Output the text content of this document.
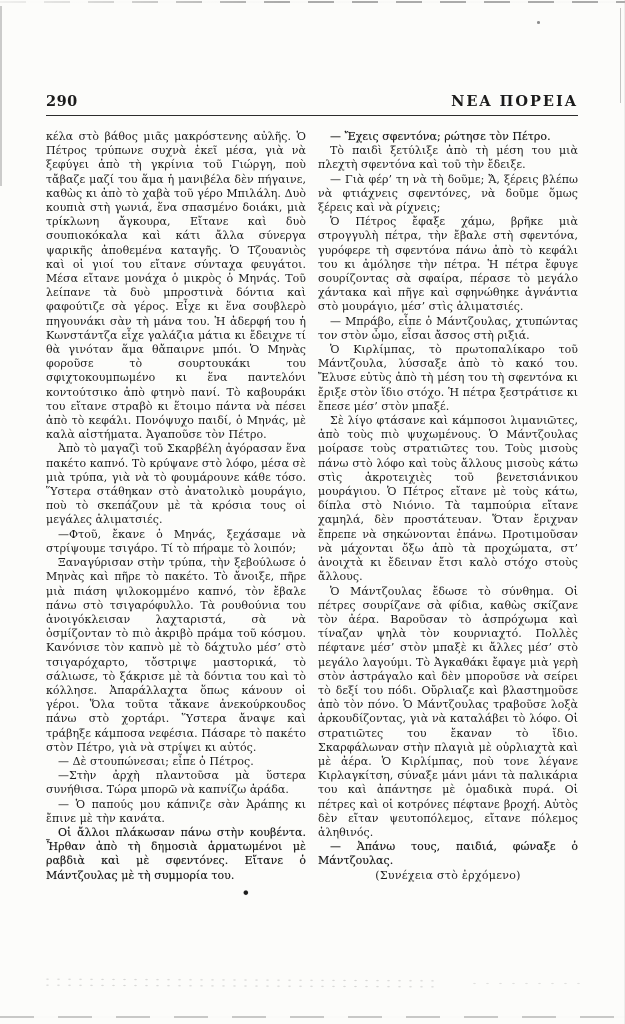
290	ΝΕΑ ΠΟΡΕΙΑ

κέλα στὸ βάθος μιᾶς μακρόστενης αὐλῆς. Ὁ Πέτρος τρύπωνε συχνὰ ἐκεῖ μέσα, γιὰ νὰ ξεφύγει ἀπὸ τὴ γκρίνια τοῦ Γιώργη, ποὺ τἄβαζε μαζί του ἅμα ἡ μανιβέλα δὲν πήγαινε, καθὼς κι ἀπὸ τὸ χαβὰ τοῦ γέρο Μπιλάλη. Δυὸ κουπιὰ στὴ γωνιά, ἕνα σπασμένο δοιάκι, μιὰ τρίκλωνη ἄγκουρα, Εἴτανε καὶ δυὸ σουπιοκόκαλα καὶ κάτι ἄλλα σύνεργα ψαρικῆς ἀποθεμένα καταγῆς. Ὁ Τζουανιὸς καὶ οἱ γιοί του εἴτανε σύνταχα φευγάτοι. Μέσα εἴτανε μονάχα ὁ μικρὸς ὁ Μηνάς. Τοῦ λείπανε τὰ δυὸ μπροστινὰ δόντια καὶ φαφούτιζε σὰ γέρος. Εἶχε κι ἕνα σουβλερὸ πηγουνάκι σὰν τὴ μάνα του. Ἡ ἀδερφή του ἡ Κωνστάντζα εἶχε γαλάζια μάτια κι ἔδειχνε τί θὰ γινόταν ἅμα θἄπαιρνε μπόι. Ὁ Μηνὰς φοροῦσε τὸ σουρτουκάκι του σφιχτοκουμπωμένο κι ἕνα παντελόνι κοντούτσικο ἀπὸ φτηνὸ πανί. Τὸ καβουράκι του εἴτανε στραβὸ κι ἕτοιμο πάντα νὰ πέσει ἀπὸ τὸ κεφάλι. Πονόψυχο παιδί, ὁ Μηνάς, μὲ καλὰ αἰστήματα. Ἀγαποῦσε τὸν Πέτρο.

Ἀπὸ τὸ μαγαζὶ τοῦ Σκαρβέλη ἀγόρασαν ἕνα πακέτο καπνό. Τὸ κρύψανε στὸ λόφο, μέσα σὲ μιὰ τρύπα, γιὰ νὰ τὸ φουμάρουνε κάθε τόσο. Ὕστερα στάθηκαν στὸ ἀνατολικὸ μουράγιο, ποὺ τὸ σκεπάζουν μὲ τὰ κρόσια τους οἱ μεγάλες ἁλιματσιές.

—Φτοῦ, ἔκανε ὁ Μηνάς, ξεχάσαμε νὰ στρίψουμε τσιγάρο. Τί τὸ πήραμε τὸ λοιπόν;

Ξαναγύρισαν στὴν τρύπα, τὴν ξεβούλωσε ὁ Μηνὰς καὶ πῆρε τὸ πακέτο. Τὸ ἄνοιξε, πῆρε μιὰ πιάση ψιλοκομμένο καπνό, τὸν ἔβαλε πάνω στὸ τσιγαρόφυλλο. Τὰ ρουθούνια του ἀνοιγόκλεισαν λαχταριστά, σὰ νὰ ὀσμίζονταν τὸ πιὸ ἀκριβὸ πράμα τοῦ κόσμου. Κανόνισε τὸν καπνὸ μὲ τὸ δάχτυλο μέσ’ στὸ τσιγαρόχαρτο, τὄστριψε μαστορικά, τὸ σάλιωσε, τὸ ξάκρισε μὲ τὰ δόντια του καὶ τὸ κόλλησε. Ἀπαράλλαχτα ὅπως κάνουν οἱ γέροι. Ὅλα τοῦτα τἄκανε ἀνεκούρκουδος πάνω στὸ χορτάρι. Ὕστερα ἄναψε καὶ τράβηξε κάμποσα νεφέσια. Πάσαρε τὸ πακέτο στὸν Πέτρο, γιὰ νὰ στρίψει κι αὐτός.

— Δὲ στουπώνεσαι; εἶπε ὁ Πέτρος.

—Στὴν ἀρχὴ πλαντοῦσα μὰ ὕστερα συνήθισα. Τώρα μπορῶ νὰ καπνίζω ἀράδα.

— Ὁ παπούς μου κάπνιζε σὰν Ἀράπης κι ἔπινε μὲ τὴν κανάτα.

Οἱ ἄλλοι πλάκωσαν πάνω στὴν κουβέντα. Ἦρθαν ἀπὸ τὴ δημοσιὰ ἁρματωμένοι μὲ ραβδιὰ καὶ μὲ σφεντόνες. Εἴτανε ὁ Μάντζουλας μὲ τὴ συμμορία του.

•

— Ἔχεις σφεντόνα; ρώτησε τὸν Πέτρο.

Τὸ παιδὶ ξετύλιξε ἀπὸ τὴ μέση του μιὰ πλεχτὴ σφεντόνα καὶ τοῦ τὴν ἔδειξε.

— Γιὰ φέρ’ τη νὰ τὴ δοῦμε; Ἄ, ξέρεις βλέπω νὰ φτιάχνεις σφεντόνες, νὰ δοῦμε ὅμως ξέρεις καὶ νὰ ρίχνεις;

Ὁ Πέτρος ἔφαξε χάμω, βρῆκε μιὰ στρογγυλὴ πέτρα, τὴν ἔβαλε στὴ σφεντόνα, γυρόφερε τὴ σφεντόνα πάνω ἀπὸ τὸ κεφάλι του κι ἀμόλησε τὴν πέτρα. Ἡ πέτρα ἔφυγε σουρίζοντας σὰ σφαίρα, πέρασε τὸ μεγάλο χάντακα καὶ πῆγε καὶ σφηνώθηκε ἀγνάντια στὸ μουράγιο, μέσ’ στὶς ἁλιματσιές.

— Μπράβο, εἶπε ὁ Μάντζουλας, χτυπώντας τον στὸν ὦμο, εἶσαι ἄσσος στὴ ριξιά.

Ὁ Κιρλίμπας, τὸ πρωτοπαλίκαρο τοῦ Μάντζουλα, λύσσαξε ἀπὸ τὸ κακό του. Ἔλυσε εὐτὺς ἀπὸ τὴ μέση του τὴ σφεντόνα κι ἔριξε στὸν ἴδιο στόχο. Ἡ πέτρα ξεστράτισε κι ἔπεσε μέσ’ στὸν μπαξέ.

Σὲ λίγο φτάσανε καὶ κάμποσοι λιμανιῶτες, ἀπὸ τοὺς πιὸ ψυχωμένους. Ὁ Μάντζουλας μοίρασε τοὺς στρατιῶτες του. Τοὺς μισοὺς πάνω στὸ λόφο καὶ τοὺς ἄλλους μισοὺς κάτω στὶς ἀκροτειχιὲς τοῦ βενετσιάνικου μουράγιου. Ὁ Πέτρος εἴτανε μὲ τοὺς κάτω, δίπλα στὸ Νιόνιο. Τὰ ταμπούρια εἴτανε χαμηλά, δὲν προστάτευαν. Ὅταν ἔριχναν ἔπρεπε νὰ σηκώνονται ἐπάνω. Προτιμοῦσαν νὰ μάχονται ὄξω ἀπὸ τὰ προχώματα, στ’ ἀνοιχτὰ κι ἔδειναν ἔτσι καλὸ στόχο στοὺς ἄλλους.

Ὁ Μάντζουλας ἔδωσε τὸ σύνθημα. Οἱ πέτρες σουρίζανε σὰ φίδια, καθὼς σκίζανε τὸν ἀέρα. Βαροῦσαν τὸ ἀσπρόχωμα καὶ τίναζαν ψηλὰ τὸν κουρνιαχτό. Πολλὲς πέφτανε μέσ’ στὸν μπαξὲ κι ἄλλες μέσ’ στὸ μεγάλο λαγούμι. Τὸ Ἀγκαθάκι ἔφαγε μιὰ γερὴ στὸν ἀστράγαλο καὶ δὲν μποροῦσε νὰ σείρει τὸ δεξί του πόδι. Οὔρλιαζε καὶ βλαστημοῦσε ἀπὸ τὸν πόνο. Ὁ Μάντζουλας τραβοῦσε λοξὰ ἀρκουδίζοντας, γιὰ νὰ καταλάβει τὸ λόφο. Οἱ στρατιῶτες του ἔκαναν τὸ ἴδιο. Σκαρφάλωναν στὴν πλαγιὰ μὲ οὐρλιαχτὰ καὶ μὲ ἀέρα. Ὁ Κιρλίμπας, ποὺ τονε λέγανε Κιρλαγκίτση, σύναξε μάνι μάνι τὰ παλικάρια του καὶ ἀπάντησε μὲ ὁμαδικὰ πυρά. Οἱ πέτρες καὶ οἱ κοτρόνες πέφτανε βροχή. Αὐτὸς δὲν εἴταν ψευτοπόλεμος, εἴτανε πόλεμος ἀληθινός.

— Ἀπάνω τους, παιδιά, φώναξε ὁ Μάντζουλας.

(Συνέχεια στὸ ἐρχόμενο)
